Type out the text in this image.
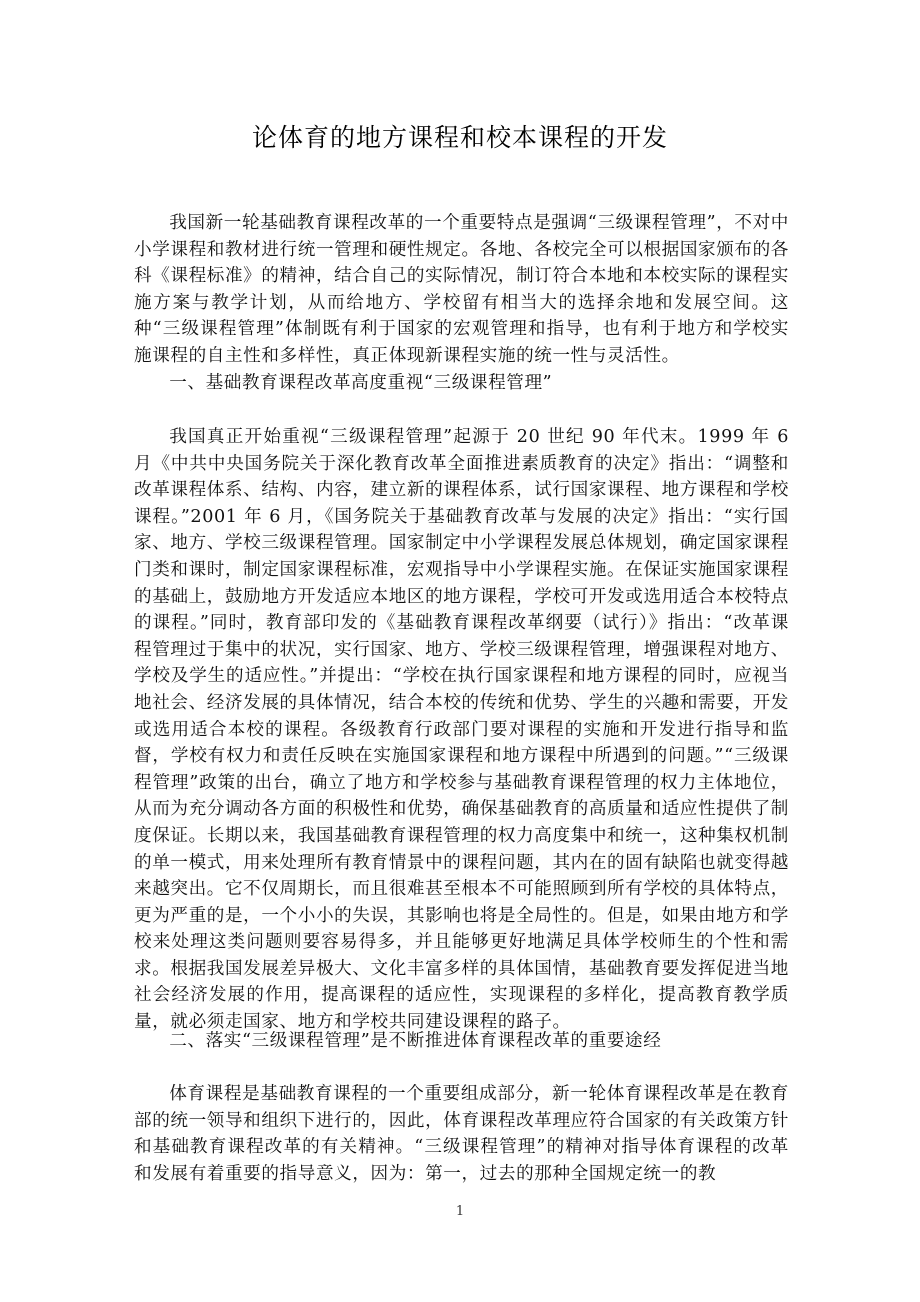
论体育的地方课程和校本课程的开发

我国新一轮基础教育课程改革的一个重要特点是强调“三级课程管理”，不对中小学课程和教材进行统一管理和硬性规定。各地、各校完全可以根据国家颁布的各科《课程标准》的精神，结合自己的实际情况，制订符合本地和本校实际的课程实施方案与教学计划，从而给地方、学校留有相当大的选择余地和发展空间。这种“三级课程管理”体制既有利于国家的宏观管理和指导，也有利于地方和学校实施课程的自主性和多样性，真正体现新课程实施的统一性与灵活性。

一、基础教育课程改革高度重视“三级课程管理”

我国真正开始重视“三级课程管理”起源于 20 世纪 90 年代末。1999 年 6 月《中共中央国务院关于深化教育改革全面推进素质教育的决定》指出：“调整和改革课程体系、结构、内容，建立新的课程体系，试行国家课程、地方课程和学校课程。”2001 年 6 月，《国务院关于基础教育改革与发展的决定》指出：“实行国家、地方、学校三级课程管理。国家制定中小学课程发展总体规划，确定国家课程门类和课时，制定国家课程标准，宏观指导中小学课程实施。在保证实施国家课程的基础上，鼓励地方开发适应本地区的地方课程，学校可开发或选用适合本校特点的课程。”同时，教育部印发的《基础教育课程改革纲要（试行）》指出：“改革课程管理过于集中的状况，实行国家、地方、学校三级课程管理，增强课程对地方、学校及学生的适应性。”并提出：“学校在执行国家课程和地方课程的同时，应视当地社会、经济发展的具体情况，结合本校的传统和优势、学生的兴趣和需要，开发或选用适合本校的课程。各级教育行政部门要对课程的实施和开发进行指导和监督，学校有权力和责任反映在实施国家课程和地方课程中所遇到的问题。”“三级课程管理”政策的出台，确立了地方和学校参与基础教育课程管理的权力主体地位，从而为充分调动各方面的积极性和优势，确保基础教育的高质量和适应性提供了制度保证。长期以来，我国基础教育课程管理的权力高度集中和统一，这种集权机制的单一模式，用来处理所有教育情景中的课程问题，其内在的固有缺陷也就变得越来越突出。它不仅周期长，而且很难甚至根本不可能照顾到所有学校的具体特点，更为严重的是，一个小小的失误，其影响也将是全局性的。但是，如果由地方和学校来处理这类问题则要容易得多，并且能够更好地满足具体学校师生的个性和需求。根据我国发展差异极大、文化丰富多样的具体国情，基础教育要发挥促进当地社会经济发展的作用，提高课程的适应性，实现课程的多样化，提高教育教学质量，就必须走国家、地方和学校共同建设课程的路子。

二、落实“三级课程管理”是不断推进体育课程改革的重要途经

体育课程是基础教育课程的一个重要组成部分，新一轮体育课程改革是在教育部的统一领导和组织下进行的，因此，体育课程改革理应符合国家的有关政策方针和基础教育课程改革的有关精神。“三级课程管理”的精神对指导体育课程的改革和发展有着重要的指导意义，因为：第一，过去的那种全国规定统一的教

1
